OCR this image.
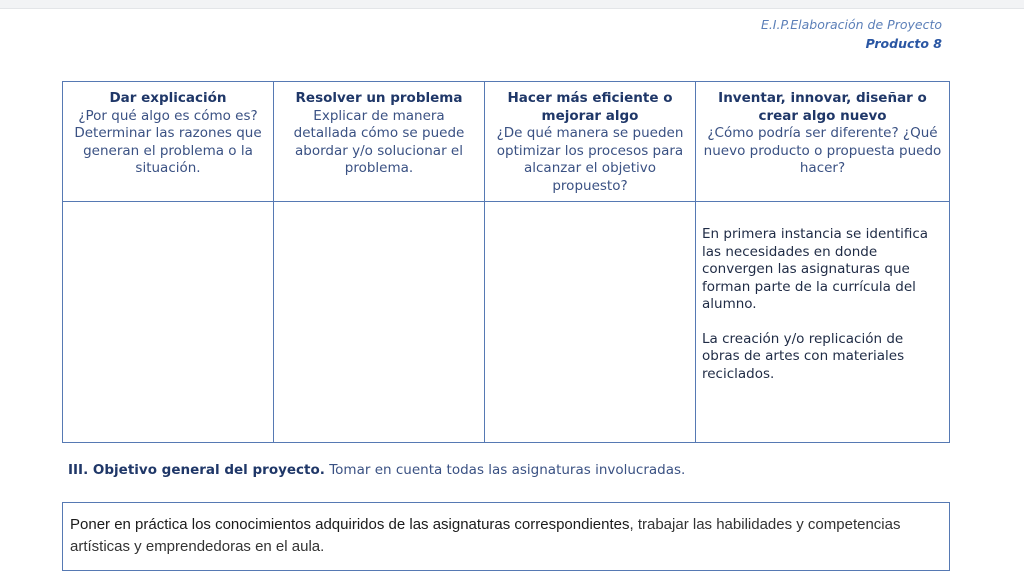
E.I.P.Elaboración de Proyecto
Producto 8
Dar explicación
¿Por qué algo es cómo es? Determinar las razones que generan el problema o la situación.
Resolver un problema
Explicar de manera detallada cómo se puede abordar y/o solucionar el problema.
Hacer más eficiente o mejorar algo
¿De qué manera se pueden optimizar los procesos para alcanzar el objetivo propuesto?
Inventar, innovar, diseñar o crear algo nuevo
¿Cómo podría ser diferente? ¿Qué nuevo producto o propuesta puedo hacer?

En primera instancia se identifica las necesidades en donde convergen las asignaturas que forman parte de la currícula del alumno.

La creación y/o replicación de obras de artes con materiales reciclados.

III. Objetivo general del proyecto. Tomar en cuenta todas las asignaturas involucradas.
Poner en práctica los conocimientos adquiridos de las asignaturas correspondientes, trabajar las habilidades y competencias artísticas y emprendedoras en el aula.
